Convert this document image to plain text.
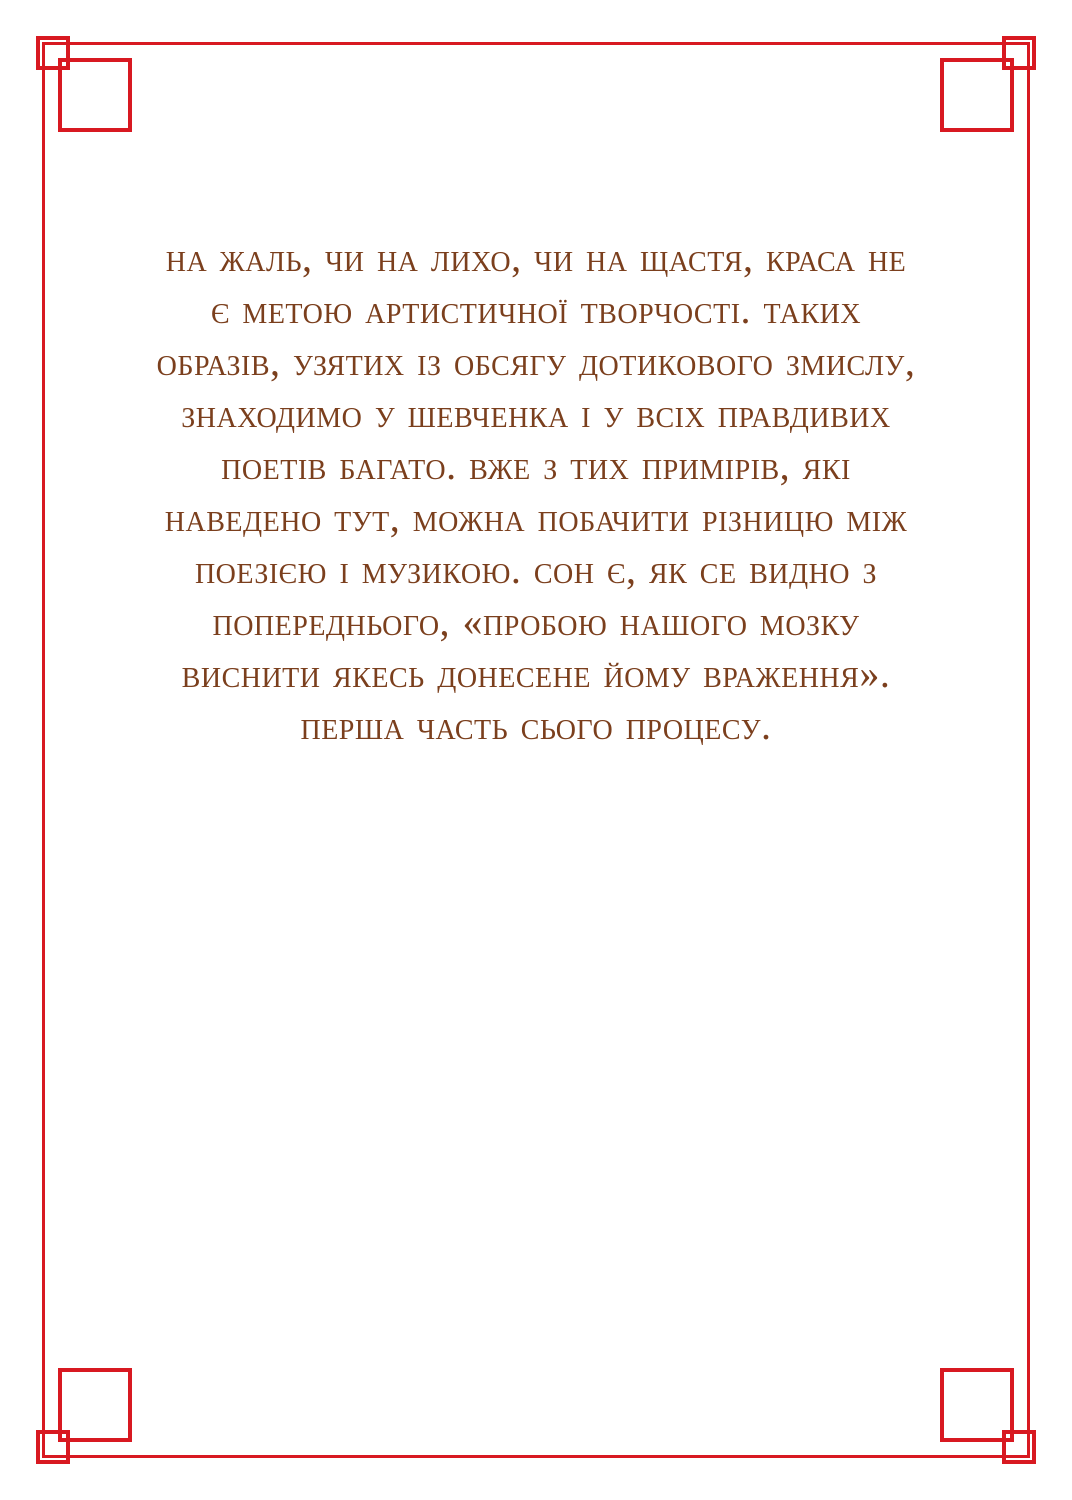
на жаль, чи на лихо, чи на щастя, краса не є метою артистичної творчості. таких образів, узятих із обсягу дотикового змислу, знаходимо у шевченка і у всіх правдивих поетів багато. вже з тих примірів, які наведено тут, можна побачити різницю між поезією і музикою. сон є, як се видно з попереднього, «пробою нашого мозку виснити якесь донесене йому враження». перша часть сього процесу.
